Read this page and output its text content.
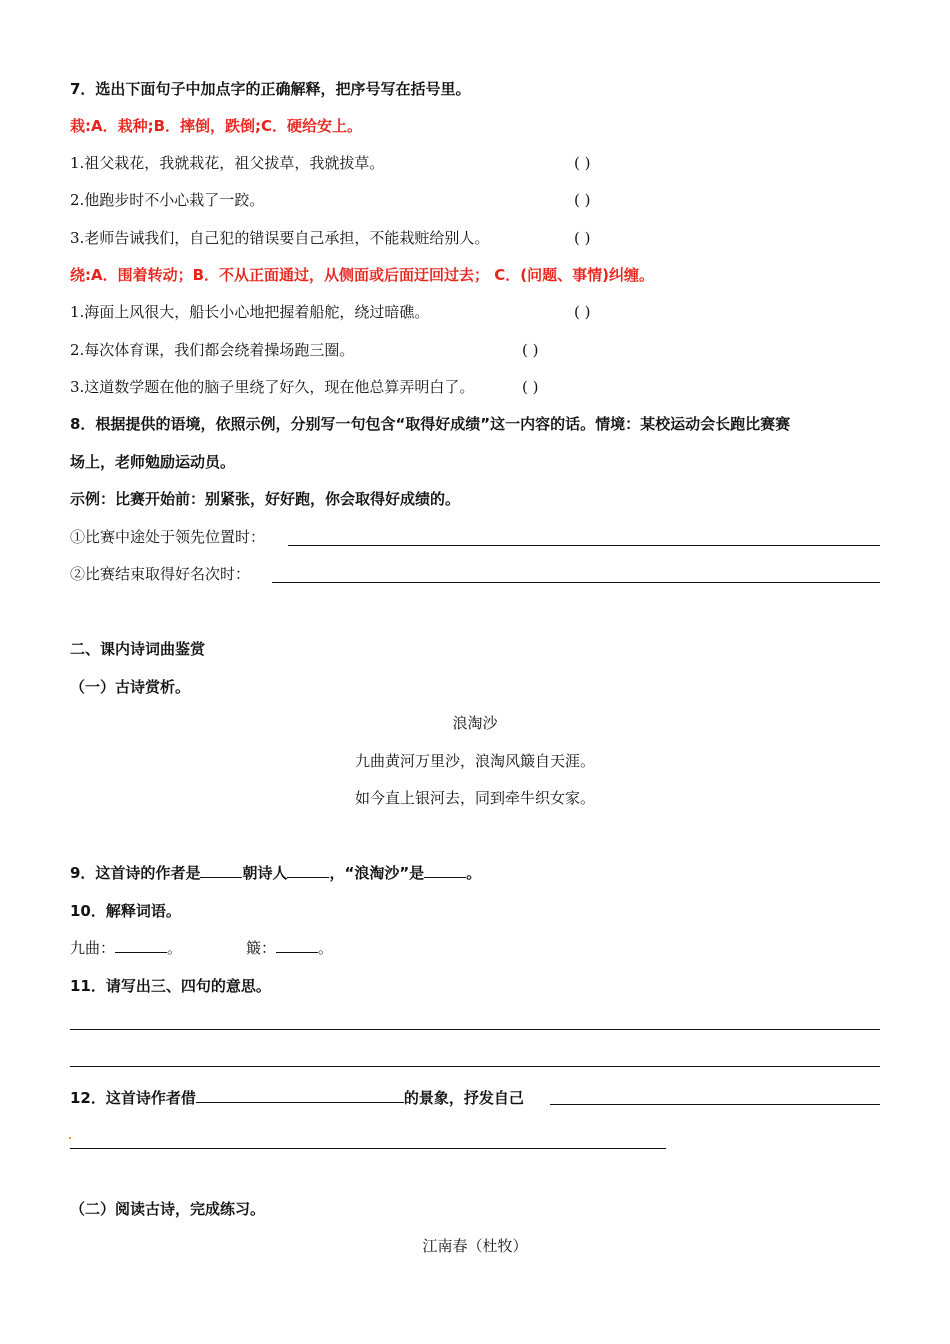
7．选出下面句子中加点字的正确解释，把序号写在括号里。
栽:A．栽种;B．摔倒，跌倒;C．硬给安上。
1.祖父栽花，我就栽花，祖父拔草，我就拔草。	( )
2.他跑步时不小心栽了一跤。	( )
3.老师告诫我们，自己犯的错误要自己承担，不能栽赃给别人。	( )
绕:A．围着转动；B．不从正面通过，从侧面或后面迂回过去； C．(问题、事情)纠缠。
1.海面上风很大，船长小心地把握着船舵，绕过暗礁。	( )
2.每次体育课，我们都会绕着操场跑三圈。	( )
3.这道数学题在他的脑子里绕了好久，现在他总算弄明白了。	( )
8．根据提供的语境，依照示例，分别写一句包含“取得好成绩”这一内容的话。情境：某校运动会长跑比赛赛
场上，老师勉励运动员。
示例：比赛开始前：别紧张，好好跑，你会取得好成绩的。
①比赛中途处于领先位置时：
②比赛结束取得好名次时：
二、课内诗词曲鉴赏
（一）古诗赏析。
浪淘沙
九曲黄河万里沙，浪淘风簸自天涯。
如今直上银河去，同到牵牛织女家。
9．这首诗的作者是	朝诗人	，“浪淘沙”是	。
10．解释词语。
九曲：	。	簸：	。
11．请写出三、四句的意思。
12．这首诗作者借	的景象，抒发自己
（二）阅读古诗，完成练习。
江南春（杜牧）
